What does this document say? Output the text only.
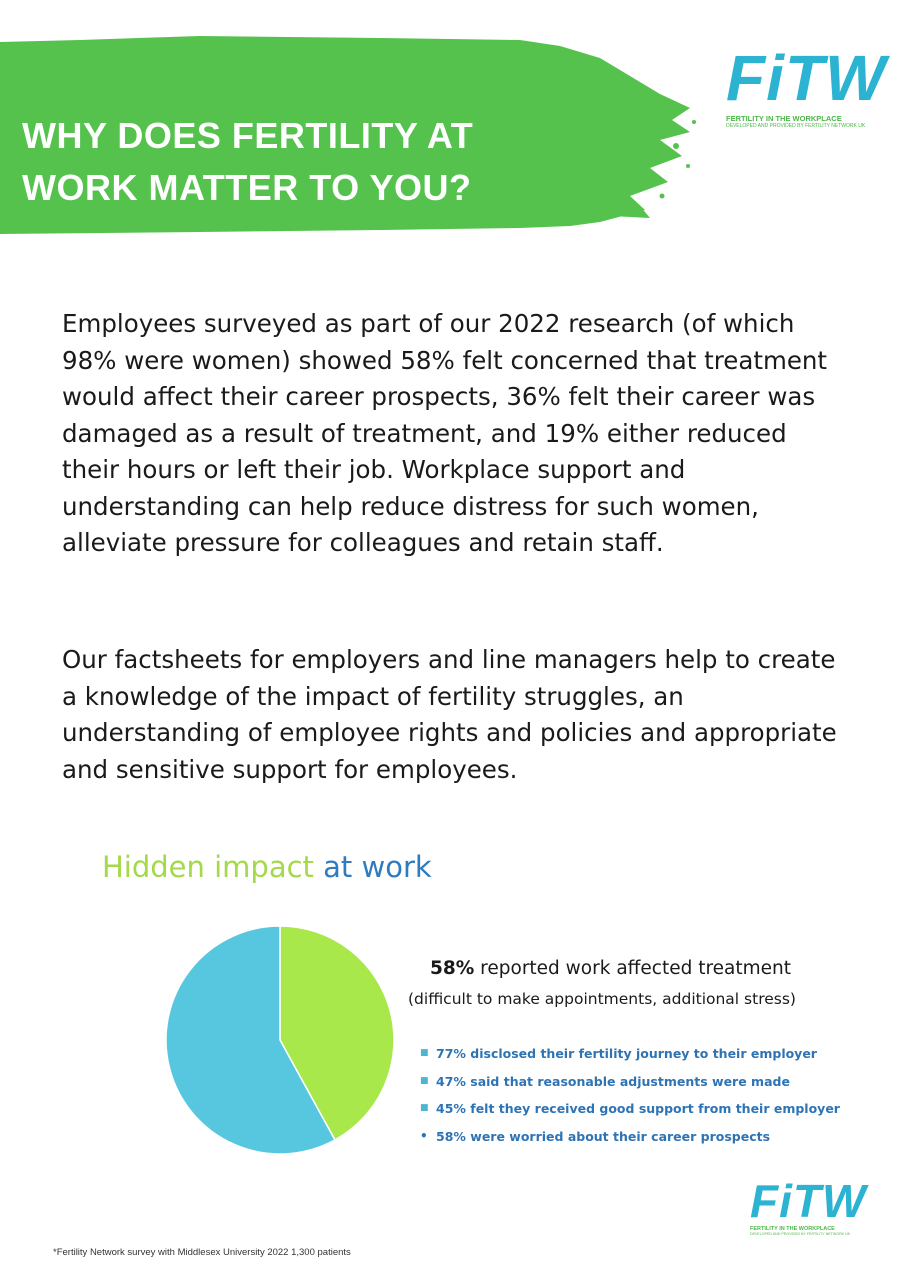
WHY DOES FERTILITY AT WORK MATTER TO YOU?
FiTW
FERTILITY IN THE WORKPLACE
DEVELOPED AND PROVIDED BY FERTILITY NETWORK UK

Employees surveyed as part of our 2022 research (of which 98% were women) showed 58% felt concerned that treatment would affect their career prospects, 36% felt their career was damaged as a result of treatment, and 19% either reduced their hours or left their job. Workplace support and understanding can help reduce distress for such women, alleviate pressure for colleagues and retain staff.

Our factsheets for employers and line managers help to create a knowledge of the impact of fertility struggles, an understanding of employee rights and policies and appropriate and sensitive support for employees.

Hidden impact at work
58% reported work affected treatment
(difficult to make appointments, additional stress)
■ 77% disclosed their fertility journey to their employer
■ 47% said that reasonable adjustments were made
■ 45% felt they received good support from their employer
• 58% were worried about their career prospects
FiTW
FERTILITY IN THE WORKPLACE
DEVELOPED AND PROVIDED BY FERTILITY NETWORK UK
*Fertility Network survey with Middlesex University 2022 1,300 patients
